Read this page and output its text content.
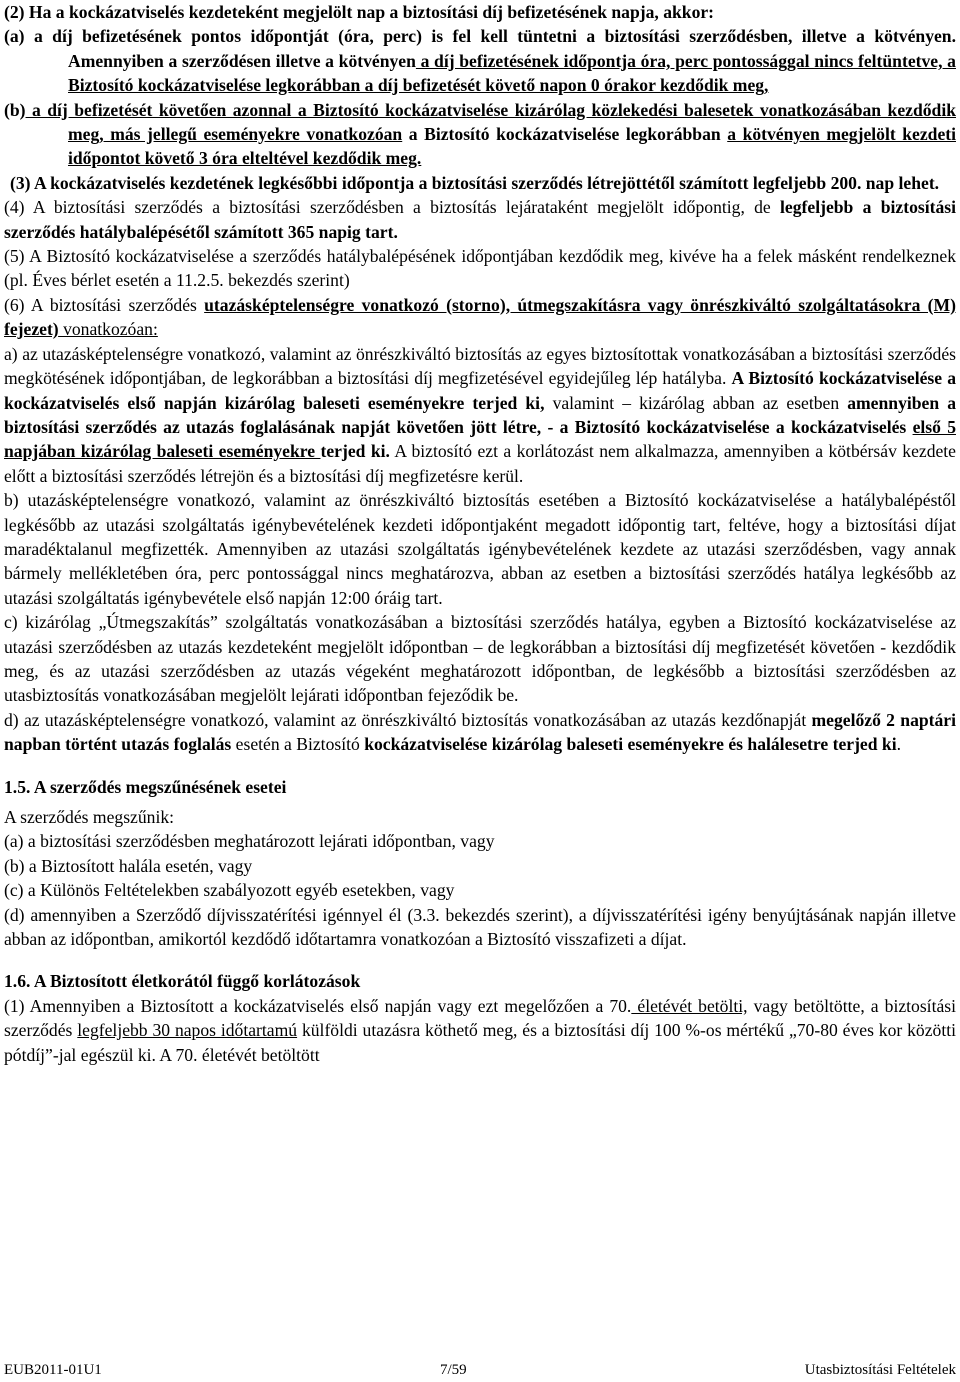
(2) Ha a kockázatviselés kezdeteként megjelölt nap a biztosítási díj befizetésének napja, akkor:

(a) a díj befizetésének pontos időpontját (óra, perc) is fel kell tüntetni a biztosítási szerződésben, illetve a kötvényen. Amennyiben a szerződésen illetve a kötvényen a díj befizetésének időpontja óra, perc pontossággal nincs feltüntetve, a Biztosító kockázatviselése legkorábban a díj befizetését követő napon 0 órakor kezdődik meg,

(b) a díj befizetését követően azonnal a Biztosító kockázatviselése kizárólag közlekedési balesetek vonatkozásában kezdődik meg, más jellegű eseményekre vonatkozóan a Biztosító kockázatviselése legkorábban a kötvényen megjelölt kezdeti időpontot követő 3 óra elteltével kezdődik meg.

(3) A kockázatviselés kezdetének legkésőbbi időpontja a biztosítási szerződés létrejöttétől számított legfeljebb 200. nap lehet.

(4) A biztosítási szerződés a biztosítási szerződésben a biztosítás lejárataként megjelölt időpontig, de legfeljebb a biztosítási szerződés hatálybalépésétől számított 365 napig tart.

(5) A Biztosító kockázatviselése a szerződés hatálybalépésének időpontjában kezdődik meg, kivéve ha a felek másként rendelkeznek (pl. Éves bérlet esetén a 11.2.5. bekezdés szerint)

(6) A biztosítási szerződés utazásképtelenségre vonatkozó (storno), útmegszakításra vagy önrészkiváltó szolgáltatásokra (M) fejezet) vonatkozóan:

a) az utazásképtelenségre vonatkozó, valamint az önrészkiváltó biztosítás az egyes biztosítottak vonatkozásában a biztosítási szerződés megkötésének időpontjában, de legkorábban a biztosítási díj megfizetésével egyidejűleg lép hatályba. A Biztosító kockázatviselése a kockázatviselés első napján kizárólag baleseti eseményekre terjed ki, valamint – kizárólag abban az esetben amennyiben a biztosítási szerződés az utazás foglalásának napját követően jött létre, - a Biztosító kockázatviselése a kockázatviselés első 5 napjában kizárólag baleseti eseményekre terjed ki. A biztosító ezt a korlátozást nem alkalmazza, amennyiben a kötbérsáv kezdete előtt a biztosítási szerződés létrejön és a biztosítási díj megfizetésre kerül.

b) utazásképtelenségre vonatkozó, valamint az önrészkiváltó biztosítás esetében a Biztosító kockázatviselése a hatálybalépéstől legkésőbb az utazási szolgáltatás igénybevételének kezdeti időpontjaként megadott időpontig tart, feltéve, hogy a biztosítási díjat maradéktalanul megfizették. Amennyiben az utazási szolgáltatás igénybevételének kezdete az utazási szerződésben, vagy annak bármely mellékletében óra, perc pontossággal nincs meghatározva, abban az esetben a biztosítási szerződés hatálya legkésőbb az utazási szolgáltatás igénybevétele első napján 12:00 óráig tart.

c) kizárólag „Útmegszakítás” szolgáltatás vonatkozásában a biztosítási szerződés hatálya, egyben a Biztosító kockázatviselése az utazási szerződésben az utazás kezdeteként megjelölt időpontban – de legkorábban a biztosítási díj megfizetését követően - kezdődik meg, és az utazási szerződésben az utazás végeként meghatározott időpontban, de legkésőbb a biztosítási szerződésben az utasbiztosítás vonatkozásában megjelölt lejárati időpontban fejeződik be.

d) az utazásképtelenségre vonatkozó, valamint az önrészkiváltó biztosítás vonatkozásában az utazás kezdőnapját megelőző 2 naptári napban történt utazás foglalás esetén a Biztosító kockázatviselése kizárólag baleseti eseményekre és halálesetre terjed ki.

1.5. A szerződés megszűnésének esetei

A szerződés megszűnik:

(a) a biztosítási szerződésben meghatározott lejárati időpontban, vagy

(b) a Biztosított halála esetén, vagy

(c) a Különös Feltételekben szabályozott egyéb esetekben, vagy

(d) amennyiben a Szerződő díjvisszatérítési igénnyel él (3.3. bekezdés szerint), a díjvisszatérítési igény benyújtásának napján illetve abban az időpontban, amikortól kezdődő időtartamra vonatkozóan a Biztosító visszafizeti a díjat.

1.6. A Biztosított életkorától függő korlátozások

(1) Amennyiben a Biztosított a kockázatviselés első napján vagy ezt megelőzően a 70. életévét betölti, vagy betöltötte, a biztosítási szerződés legfeljebb 30 napos időtartamú külföldi utazásra köthető meg, és a biztosítási díj 100 %-os mértékű „70-80 éves kor közötti pótdíj”-jal egészül ki. A 70. életévét betöltött

EUB2011-01U1	7/59	Utasbiztosítási Feltételek
